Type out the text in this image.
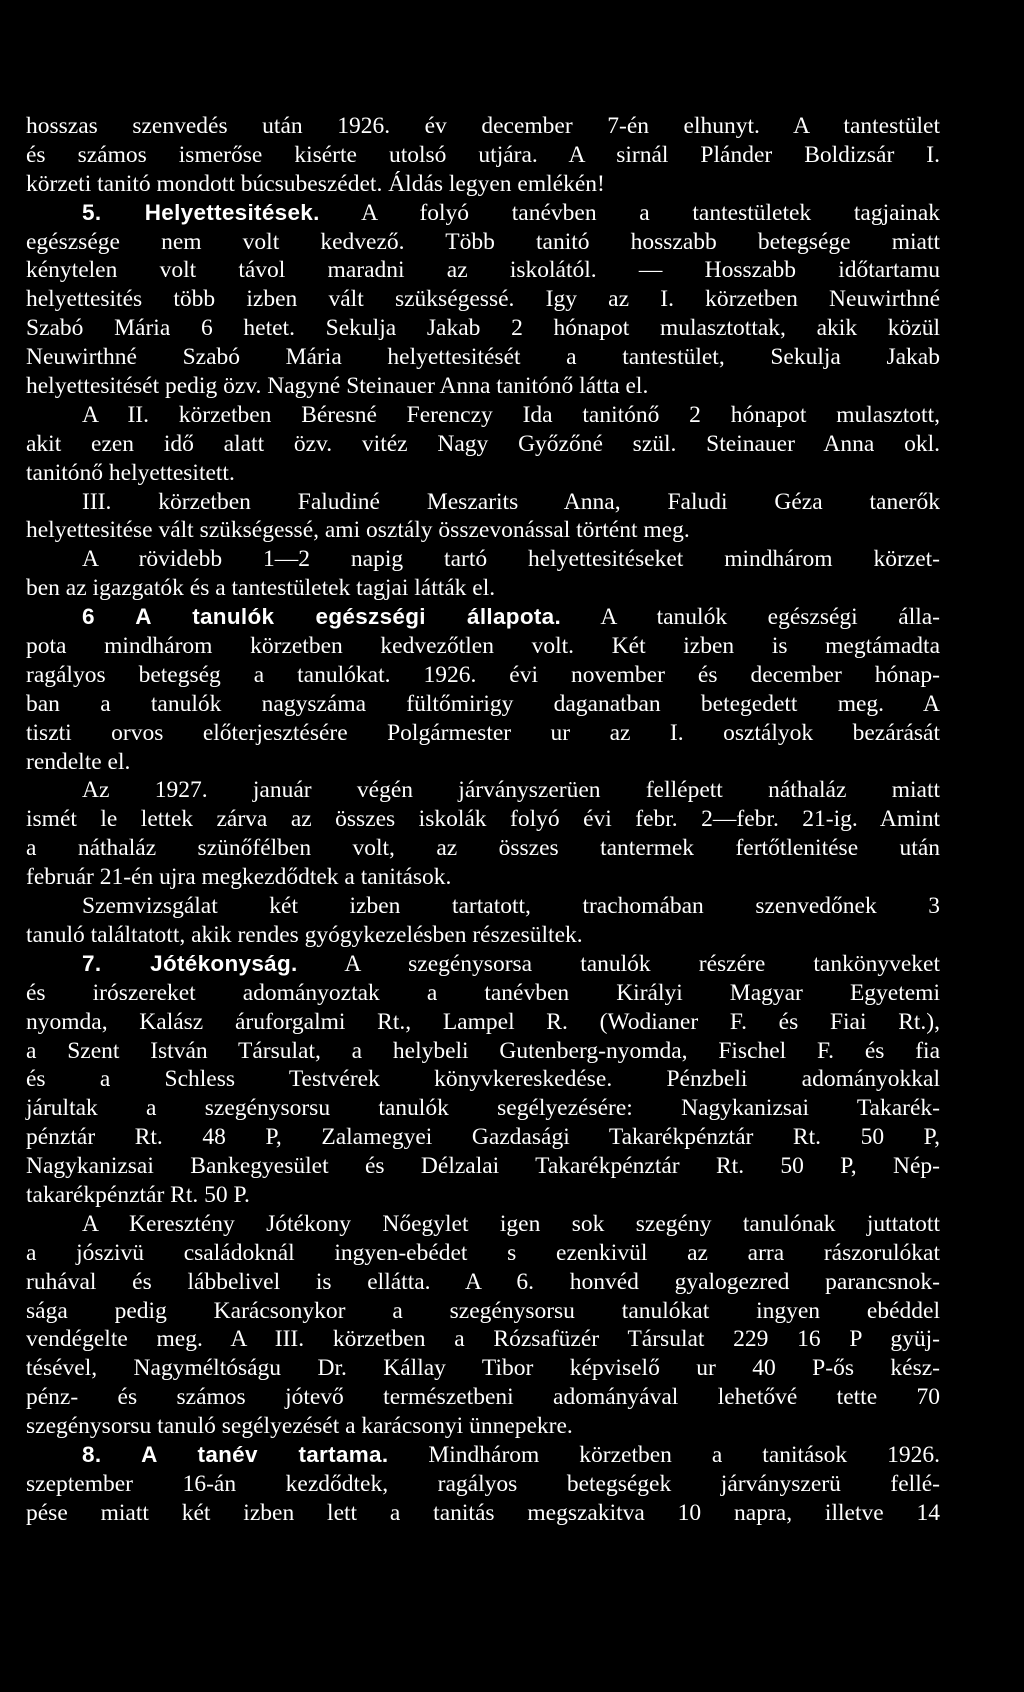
hosszas szenvedés után 1926. év december 7-én elhunyt. A tantestület
és számos ismerőse kisérte utolsó utjára. A sirnál Plánder Boldizsár I.
körzeti tanitó mondott búcsubeszédet. Áldás legyen emlékén!
5. Helyettesitések. A folyó tanévben a tantestületek tagjainak
egészsége nem volt kedvező. Több tanitó hosszabb betegsége miatt
kénytelen volt távol maradni az iskolától. — Hosszabb időtartamu
helyettesités több izben vált szükségessé. Igy az I. körzetben Neuwirthné
Szabó Mária 6 hetet. Sekulja Jakab 2 hónapot mulasztottak, akik közül
Neuwirthné Szabó Mária helyettesitését a tantestület, Sekulja Jakab
helyettesitését pedig özv. Nagyné Steinauer Anna tanitónő látta el.
A II. körzetben Béresné Ferenczy Ida tanitónő 2 hónapot mulasztott,
akit ezen idő alatt özv. vitéz Nagy Győzőné szül. Steinauer Anna okl.
tanitónő helyettesitett.
III. körzetben Faludiné Meszarits Anna, Faludi Géza tanerők
helyettesitése vált szükségessé, ami osztály összevonással történt meg.
A rövidebb 1—2 napig tartó helyettesitéseket mindhárom körzet-
ben az igazgatók és a tantestületek tagjai látták el.
6 A tanulók egészségi állapota. A tanulók egészségi álla-
pota mindhárom körzetben kedvezőtlen volt. Két izben is megtámadta
ragályos betegség a tanulókat. 1926. évi november és december hónap-
ban a tanulók nagyszáma fültőmirigy daganatban betegedett meg. A
tiszti orvos előterjesztésére Polgármester ur az I. osztályok bezárását
rendelte el.
Az 1927. január végén járványszerüen fellépett náthaláz miatt
ismét le lettek zárva az összes iskolák folyó évi febr. 2—febr. 21-ig. Amint
a náthaláz szünőfélben volt, az összes tantermek fertőtlenitése után
február 21-én ujra megkezdődtek a tanitások.
Szemvizsgálat két izben tartatott, trachomában szenvedőnek 3
tanuló találtatott, akik rendes gyógykezelésben részesültek.
7. Jótékonyság. A szegénysorsa tanulók részére tankönyveket
és irószereket adományoztak a tanévben Királyi Magyar Egyetemi
nyomda, Kalász áruforgalmi Rt., Lampel R. (Wodianer F. és Fiai Rt.),
a Szent István Társulat, a helybeli Gutenberg-nyomda, Fischel F. és fia
és a Schless Testvérek könyvkereskedése. Pénzbeli adományokkal
járultak a szegénysorsu tanulók segélyezésére: Nagykanizsai Takarék-
pénztár Rt. 48 P, Zalamegyei Gazdasági Takarékpénztár Rt. 50 P,
Nagykanizsai Bankegyesület és Délzalai Takarékpénztár Rt. 50 P, Nép-
takarékpénztár Rt. 50 P.
A Keresztény Jótékony Nőegylet igen sok szegény tanulónak juttatott
a jószivü családoknál ingyen-ebédet s ezenkivül az arra rászorulókat
ruhával és lábbelivel is ellátta. A 6. honvéd gyalogezred parancsnok-
sága pedig Karácsonykor a szegénysorsu tanulókat ingyen ebéddel
vendégelte meg. A III. körzetben a Rózsafüzér Társulat 229 16 P gyüj-
tésével, Nagyméltóságu Dr. Kállay Tibor képviselő ur 40 P-ős kész-
pénz- és számos jótevő természetbeni adományával lehetővé tette 70
szegénysorsu tanuló segélyezését a karácsonyi ünnepekre.
8. A tanév tartama. Mindhárom körzetben a tanitások 1926.
szeptember 16-án kezdődtek, ragályos betegségek járványszerü fellé-
pése miatt két izben lett a tanitás megszakitva 10 napra, illetve 14
